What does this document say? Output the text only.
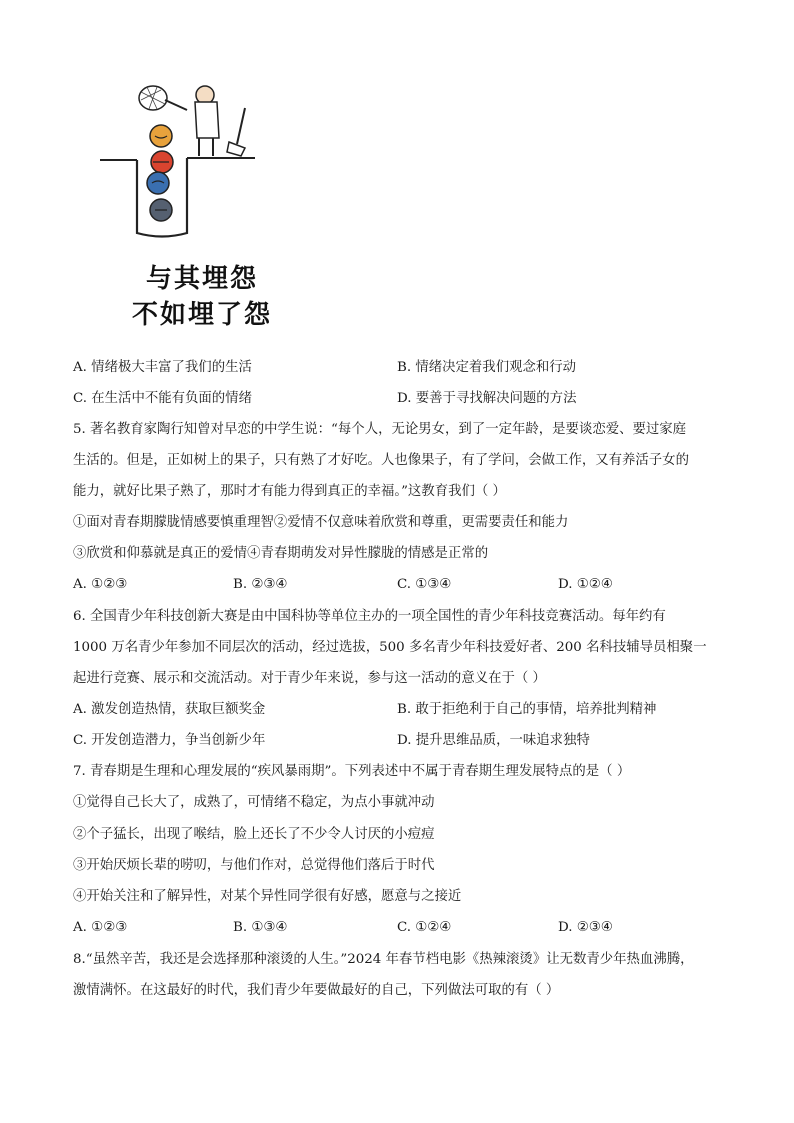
与其埋怨
不如埋了怨
A. 情绪极大丰富了我们的生活	B. 情绪决定着我们观念和行动
C. 在生活中不能有负面的情绪	D. 要善于寻找解决问题的方法
5. 著名教育家陶行知曾对早恋的中学生说：“每个人，无论男女，到了一定年龄，是要谈恋爱、要过家庭
生活的。但是，正如树上的果子，只有熟了才好吃。人也像果子，有了学问，会做工作，又有养活子女的
能力，就好比果子熟了，那时才有能力得到真正的幸福。”这教育我们（ ）
①面对青春期朦胧情感要慎重理智②爱情不仅意味着欣赏和尊重，更需要责任和能力
③欣赏和仰慕就是真正的爱情④青春期萌发对异性朦胧的情感是正常的
A. ①②③	B. ②③④	C. ①③④	D. ①②④
6. 全国青少年科技创新大赛是由中国科协等单位主办的一项全国性的青少年科技竞赛活动。每年约有
1000 万名青少年参加不同层次的活动，经过选拔，500 多名青少年科技爱好者、200 名科技辅导员相聚一
起进行竞赛、展示和交流活动。对于青少年来说，参与这一活动的意义在于（ ）
A. 激发创造热情，获取巨额奖金	B. 敢于拒绝利于自己的事情，培养批判精神
C. 开发创造潜力，争当创新少年	D. 提升思维品质，一味追求独特
7. 青春期是生理和心理发展的“疾风暴雨期”。下列表述中不属于青春期生理发展特点的是（ ）
①觉得自己长大了，成熟了，可情绪不稳定，为点小事就冲动
②个子猛长，出现了喉结，脸上还长了不少令人讨厌的小痘痘
③开始厌烦长辈的唠叨，与他们作对，总觉得他们落后于时代
④开始关注和了解异性，对某个异性同学很有好感，愿意与之接近
A. ①②③	B. ①③④	C. ①②④	D. ②③④
8.“虽然辛苦，我还是会选择那种滚烫的人生。”2024 年春节档电影《热辣滚烫》让无数青少年热血沸腾，
激情满怀。在这最好的时代，我们青少年要做最好的自己，下列做法可取的有（ ）
